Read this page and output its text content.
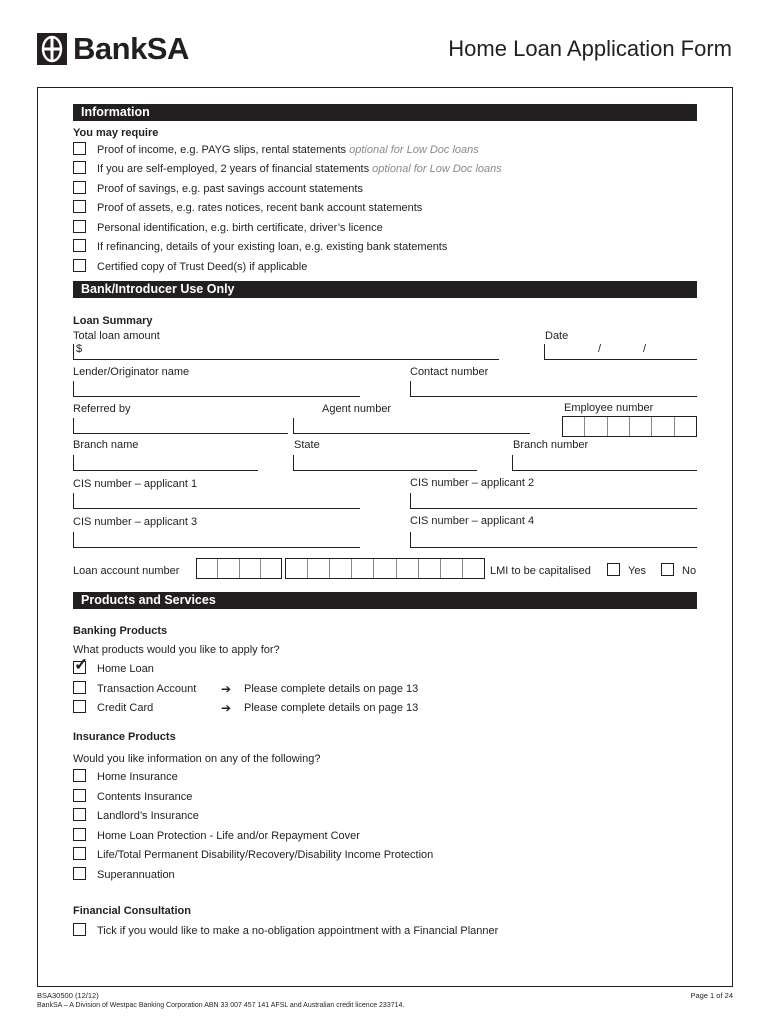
BankSA	Home Loan Application Form
Information
You may require
Proof of income, e.g. PAYG slips, rental statements optional for Low Doc loans
If you are self-employed, 2 years of financial statements optional for Low Doc loans
Proof of savings, e.g. past savings account statements
Proof of assets, e.g. rates notices, recent bank account statements
Personal identification, e.g. birth certificate, driver’s licence
If refinancing, details of your existing loan, e.g. existing bank statements
Certified copy of Trust Deed(s) if applicable
Bank/Introducer Use Only
Loan Summary
Total loan amount
$
Date
/	/
Lender/Originator name	Contact number
Referred by	Agent number	Employee number
Branch name	State	Branch number
CIS number – applicant 1	CIS number – applicant 2
CIS number – applicant 3	CIS number – applicant 4
Loan account number	LMI to be capitalised	Yes	No
Products and Services
Banking Products
What products would you like to apply for?
✓ Home Loan
Transaction Account ➔ Please complete details on page 13
Credit Card	➔ Please complete details on page 13
Insurance Products
Would you like information on any of the following?
Home Insurance
Contents Insurance
Landlord’s Insurance
Home Loan Protection - Life and/or Repayment Cover
Life/Total Permanent Disability/Recovery/Disability Income Protection
Superannuation
Financial Consultation
Tick if you would like to make a no-obligation appointment with a Financial Planner
BSA30500 (12/12)
BankSA – A Division of Westpac Banking Corporation ABN 33 007 457 141 AFSL and Australian credit licence 233714.
Page 1 of 24
